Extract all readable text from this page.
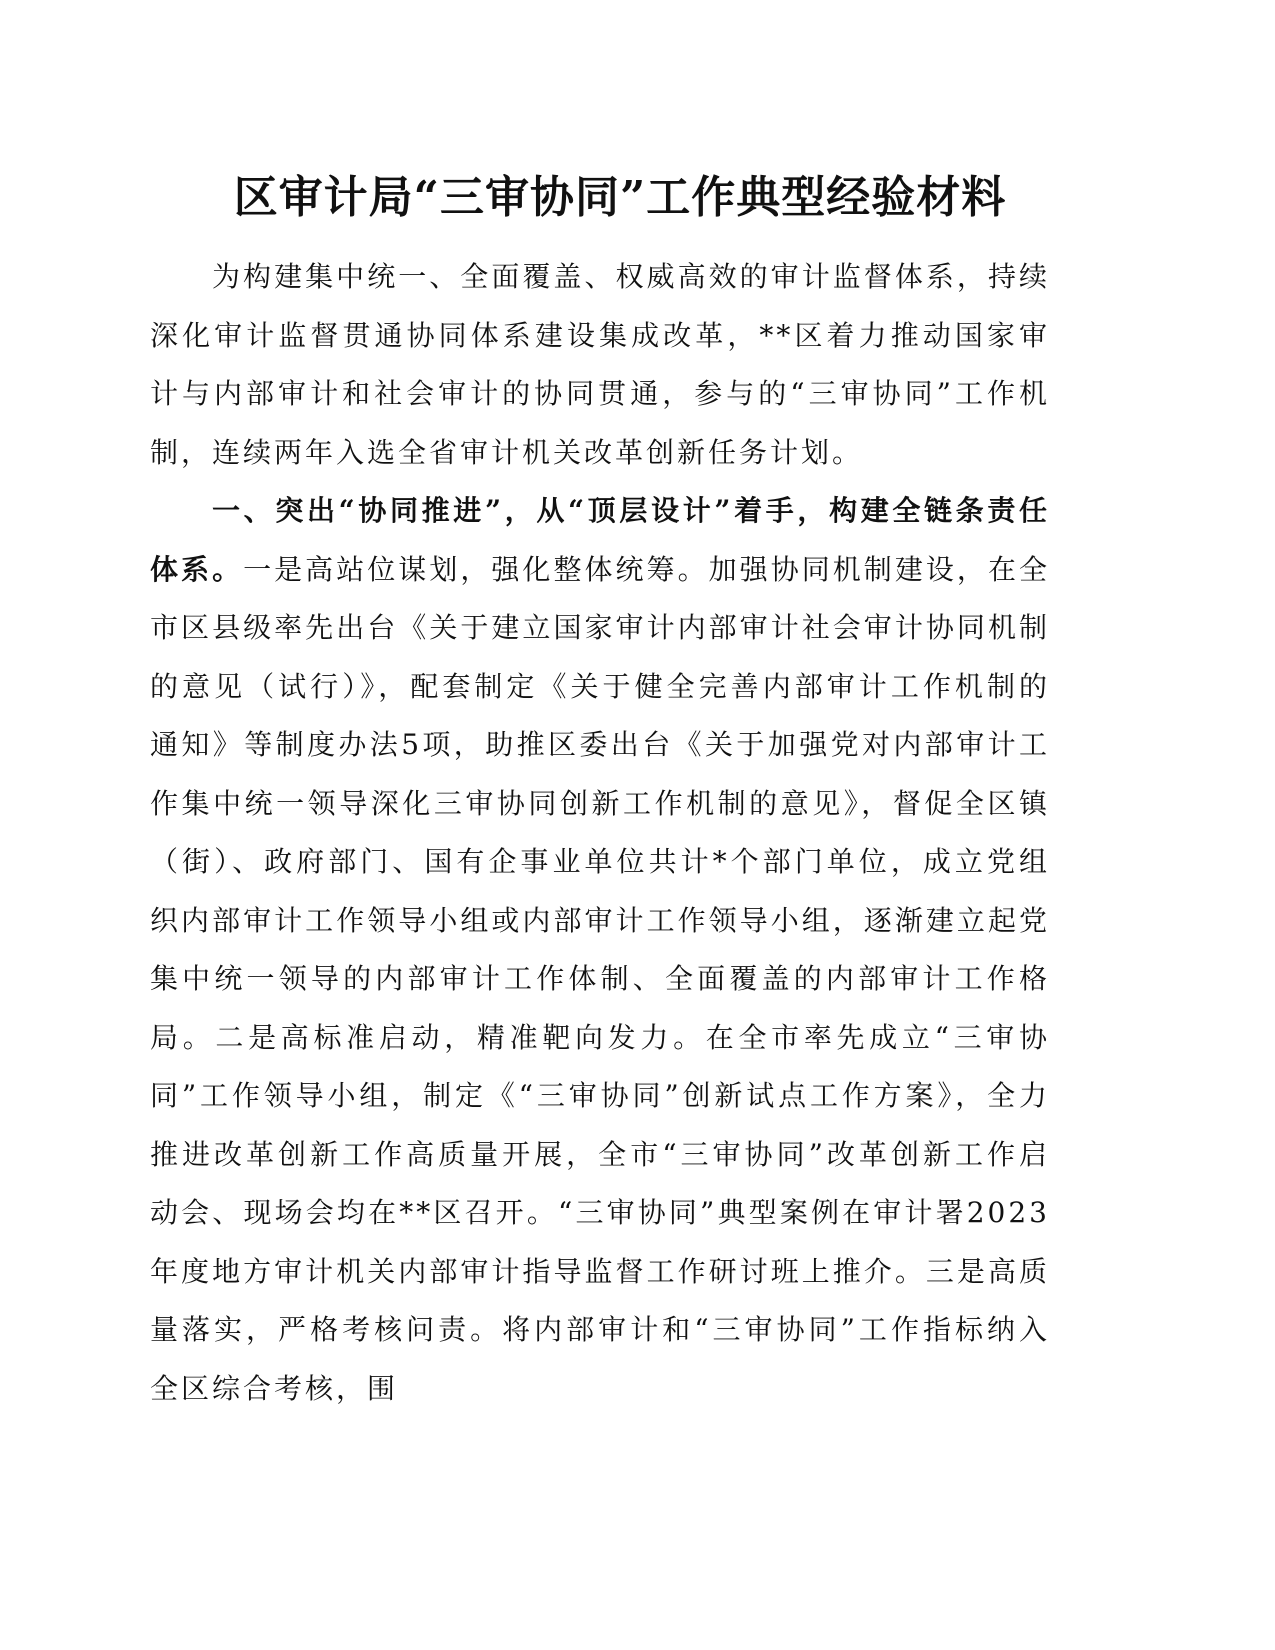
区审计局“三审协同”工作典型经验材料

为构建集中统一、全面覆盖、权威高效的审计监督体系，持续深化审计监督贯通协同体系建设集成改革，**区着力推动国家审计与内部审计和社会审计的协同贯通，参与的“三审协同”工作机制，连续两年入选全省审计机关改革创新任务计划。

一、突出“协同推进”，从“顶层设计”着手，构建全链条责任体系。一是高站位谋划，强化整体统筹。加强协同机制建设，在全市区县级率先出台《关于建立国家审计内部审计社会审计协同机制的意见（试行）》，配套制定《关于健全完善内部审计工作机制的通知》等制度办法5项，助推区委出台《关于加强党对内部审计工作集中统一领导深化三审协同创新工作机制的意见》，督促全区镇（街）、政府部门、国有企事业单位共计*个部门单位，成立党组织内部审计工作领导小组或内部审计工作领导小组，逐渐建立起党集中统一领导的内部审计工作体制、全面覆盖的内部审计工作格局。二是高标准启动，精准靶向发力。在全市率先成立“三审协同”工作领导小组，制定《“三审协同”创新试点工作方案》，全力推进改革创新工作高质量开展，全市“三审协同”改革创新工作启动会、现场会均在**区召开。“三审协同”典型案例在审计署2023年度地方审计机关内部审计指导监督工作研讨班上推介。三是高质量落实，严格考核问责。将内部审计和“三审协同”工作指标纳入全区综合考核，围
